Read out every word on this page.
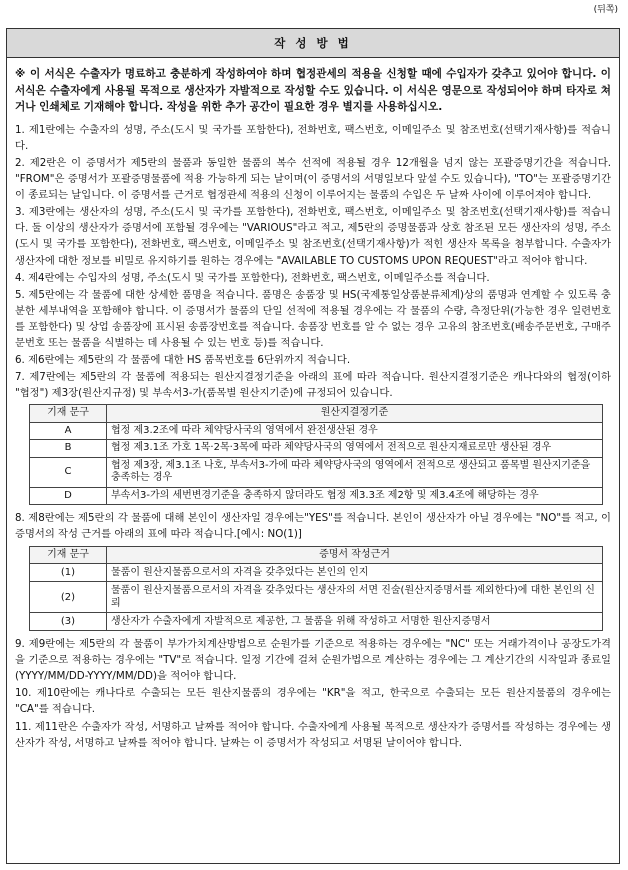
(뒤쪽)
작 성 방 법
※ 이 서식은 수출자가 명료하고 충분하게 작성하여야 하며 협정관세의 적용을 신청할 때에 수입자가 갖추고 있어야 합니다. 이 서식은 수출자에게 사용될 목적으로 생산자가 자발적으로 작성할 수도 있습니다. 이 서식은 영문으로 작성되어야 하며 타자로 쳐거나 인쇄체로 기재해야 합니다. 작성을 위한 추가 공간이 필요한 경우 별지를 사용하십시오.
1. 제1란에는 수출자의 성명, 주소(도시 및 국가를 포함한다), 전화번호, 팩스번호, 이메일주소 및 참조번호(선택기재사항)를 적습니다.
2. 제2란은 이 증명서가 제5란의 물품과 동일한 물품의 복수 선적에 적용될 경우 12개월을 넘지 않는 포괄증명기간을 적습니다. "FROM"은 증명서가 포괄증명물품에 적용 가능하게 되는 날이며(이 증명서의 서명일보다 앞설 수도 있습니다), "TO"는 포괄증명기간이 종료되는 날입니다. 이 증명서를 근거로 협정관세 적용의 신청이 이루어지는 물품의 수입은 두 날짜 사이에 이루어져야 합니다.
3. 제3란에는 생산자의 성명, 주소(도시 및 국가를 포함한다), 전화번호, 팩스번호, 이메일주소 및 참조번호(선택기재사항)를 적습니다. 둘 이상의 생산자가 증명서에 포함될 경우에는 "VARIOUS"라고 적고, 제5란의 증명물품과 상호 참조된 모든 생산자의 성명, 주소(도시 및 국가를 포함한다), 전화번호, 팩스번호, 이메일주소 및 참조번호(선택기재사항)가 적힌 생산자 목록을 첨부합니다. 수출자가 생산자에 대한 정보를 비밀로 유지하기를 원하는 경우에는 "AVAILABLE TO CUSTOMS UPON REQUEST"라고 적어야 합니다.
4. 제4란에는 수입자의 성명, 주소(도시 및 국가를 포함한다), 전화번호, 팩스번호, 이메일주소를 적습니다.
5. 제5란에는 각 물품에 대한 상세한 품명을 적습니다. 품명은 송품장 및 HS(국제통일상품분류체계)상의 품명과 연계할 수 있도록 충분한 세부내역을 포함해야 합니다. 이 증명서가 물품의 단일 선적에 적용될 경우에는 각 물품의 수량, 측정단위(가능한 경우 일련번호를 포함한다) 및 상업 송품장에 표시된 송품장번호를 적습니다. 송품장 번호를 알 수 없는 경우 고유의 참조번호(배송주문번호, 구매주문번호 또는 물품을 식별하는 데 사용될 수 있는 번호 등)를 적습니다.
6. 제6란에는 제5란의 각 물품에 대한 HS 품목번호를 6단위까지 적습니다.
7. 제7란에는 제5란의 각 물품에 적용되는 원산지결정기준을 아래의 표에 따라 적습니다. 원산지결정기준은 캐나다와의 협정(이하 "협정") 제3장(원산지규정) 및 부속서3-가(품목별 원산지기준)에 규정되어 있습니다.
기재 문구	원산지결정기준
A	협정 제3.2조에 따라 체약당사국의 영역에서 완전생산된 경우
B	협정 제3.1조 가호 1목·2목·3목에 따라 체약당사국의 영역에서 전적으로 원산지재료로만 생산된 경우
C	협정 제3장, 제3.1조 나호, 부속서3-가에 따라 체약당사국의 영역에서 전적으로 생산되고 품목별 원산지기준을 충족하는 경우
D	부속서3-가의 세번변경기준을 충족하지 않더라도 협정 제3.3조 제2항 및 제3.4조에 해당하는 경우
8. 제8란에는 제5란의 각 물품에 대해 본인이 생산자일 경우에는"YES"를 적습니다. 본인이 생산자가 아닐 경우에는 "NO"를 적고, 이 증명서의 작성 근거를 아래의 표에 따라 적습니다.[예시: NO(1)]
기재 문구	증명서 작성근거
(1)	물품이 원산지물품으로서의 자격을 갖추었다는 본인의 인지
(2)	물품이 원산지물품으로서의 자격을 갖추었다는 생산자의 서면 진술(원산지증명서를 제외한다)에 대한 본인의 신뢰
(3)	생산자가 수출자에게 자발적으로 제공한, 그 물품을 위해 작성하고 서명한 원산지증명서
9. 제9란에는 제5란의 각 물품이 부가가치계산방법으로 순원가를 기준으로 적용하는 경우에는 "NC" 또는 거래가격이나 공장도가격을 기준으로 적용하는 경우에는 "TV"로 적습니다. 일정 기간에 걸쳐 순원가법으로 계산하는 경우에는 그 계산기간의 시작일과 종료일(YYYY/MM/DD-YYYY/MM/DD)을 적어야 합니다.
10. 제10란에는 캐나다로 수출되는 모든 원산지물품의 경우에는 "KR"을 적고, 한국으로 수출되는 모든 원산지물품의 경우에는 "CA"를 적습니다.
11. 제11란은 수출자가 작성, 서명하고 날짜를 적어야 합니다. 수출자에게 사용될 목적으로 생산자가 증명서를 작성하는 경우에는 생산자가 작성, 서명하고 날짜를 적어야 합니다. 날짜는 이 증명서가 작성되고 서명된 날이어야 합니다.
